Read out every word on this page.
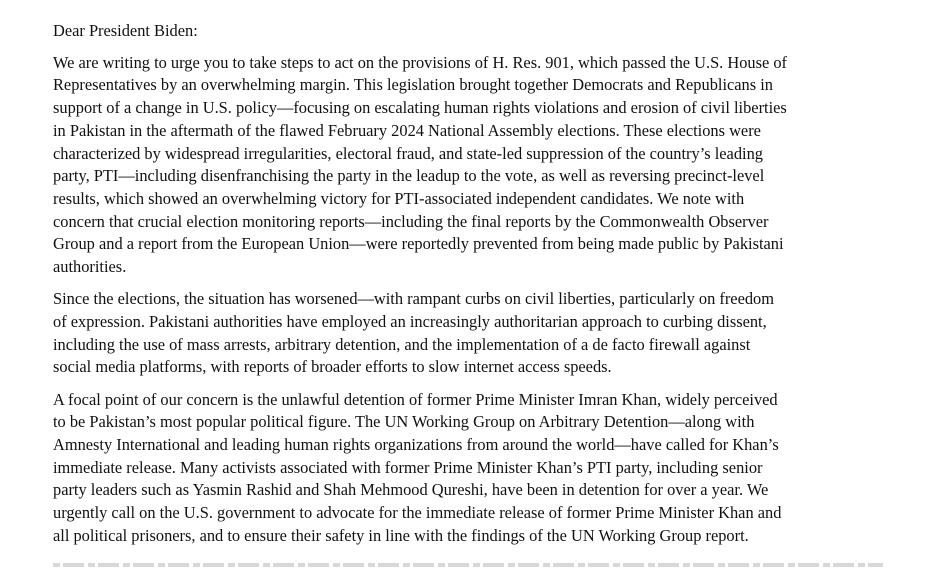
Dear President Biden:
We are writing to urge you to take steps to act on the provisions of H. Res. 901, which passed the U.S. House of
Representatives by an overwhelming margin. This legislation brought together Democrats and Republicans in
support of a change in U.S. policy—focusing on escalating human rights violations and erosion of civil liberties
in Pakistan in the aftermath of the flawed February 2024 National Assembly elections. These elections were
characterized by widespread irregularities, electoral fraud, and state-led suppression of the country’s leading
party, PTI—including disenfranchising the party in the leadup to the vote, as well as reversing precinct-level
results, which showed an overwhelming victory for PTI-associated independent candidates. We note with
concern that crucial election monitoring reports—including the final reports by the Commonwealth Observer
Group and a report from the European Union—were reportedly prevented from being made public by Pakistani
authorities.
Since the elections, the situation has worsened—with rampant curbs on civil liberties, particularly on freedom
of expression. Pakistani authorities have employed an increasingly authoritarian approach to curbing dissent,
including the use of mass arrests, arbitrary detention, and the implementation of a de facto firewall against
social media platforms, with reports of broader efforts to slow internet access speeds.
A focal point of our concern is the unlawful detention of former Prime Minister Imran Khan, widely perceived
to be Pakistan’s most popular political figure. The UN Working Group on Arbitrary Detention—along with
Amnesty International and leading human rights organizations from around the world—have called for Khan’s
immediate release. Many activists associated with former Prime Minister Khan’s PTI party, including senior
party leaders such as Yasmin Rashid and Shah Mehmood Qureshi, have been in detention for over a year. We
urgently call on the U.S. government to advocate for the immediate release of former Prime Minister Khan and
all political prisoners, and to ensure their safety in line with the findings of the UN Working Group report.
